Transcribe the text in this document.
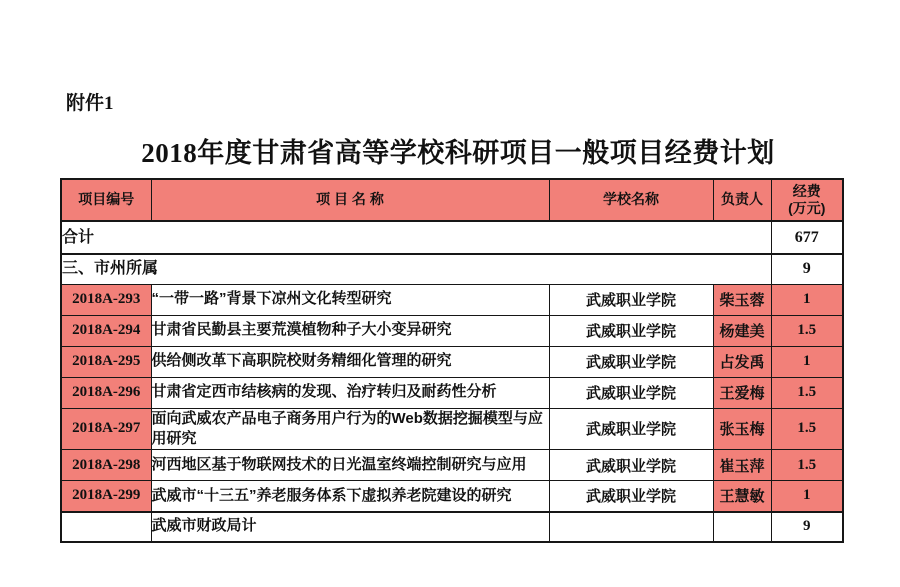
附件1
2018年度甘肃省高等学校科研项目一般项目经费计划
项目编号	项 目 名 称	学校名称	负责人	经费
(万元)
合计				677
三、市州所属				9
2018A-293	“一带一路”背景下凉州文化转型研究	武威职业学院	柴玉蓉	1
2018A-294	甘肃省民勤县主要荒漠植物种子大小变异研究	武威职业学院	杨建美	1.5
2018A-295	供给侧改革下高职院校财务精细化管理的研究	武威职业学院	占发禹	1
2018A-296	甘肃省定西市结核病的发现、治疗转归及耐药性分析	武威职业学院	王爱梅	1.5
2018A-297	面向武威农产品电子商务用户行为的Web数据挖掘模型与应用研究	武威职业学院	张玉梅	1.5
2018A-298	河西地区基于物联网技术的日光温室终端控制研究与应用	武威职业学院	崔玉萍	1.5
2018A-299	武威市“十三五”养老服务体系下虚拟养老院建设的研究	武威职业学院	王慧敏	1
	武威市财政局计			9
